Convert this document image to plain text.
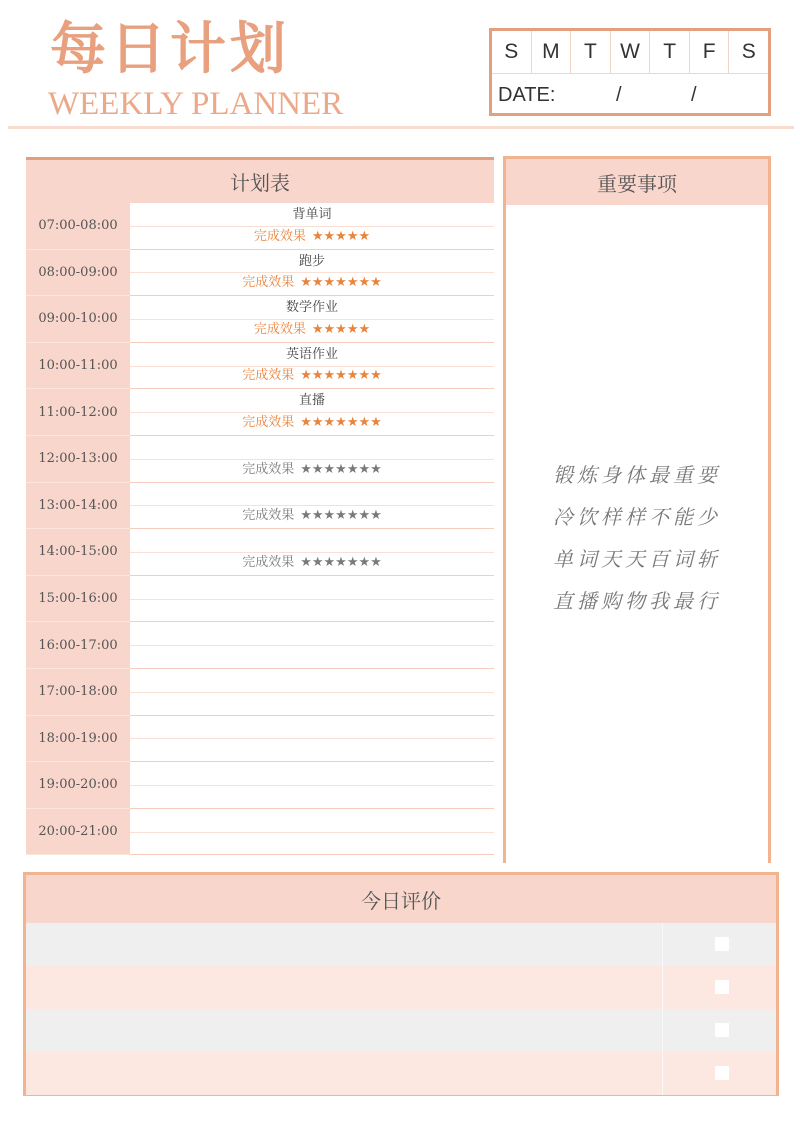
每日计划
WEEKLY PLANNER
S	M	T	W	T	F	S
DATE:	/	/
计划表
07:00-08:00
背单词
完成效果 ★★★★★
08:00-09:00
跑步
完成效果 ★★★★★★★
09:00-10:00
数学作业
完成效果 ★★★★★
10:00-11:00
英语作业
完成效果 ★★★★★★★
11:00-12:00
直播
完成效果 ★★★★★★★
12:00-13:00
完成效果 ★★★★★★★
13:00-14:00
完成效果 ★★★★★★★
14:00-15:00
完成效果 ★★★★★★★
15:00-16:00
16:00-17:00
17:00-18:00
18:00-19:00
19:00-20:00
20:00-21:00
重要事项
锻炼身体最重要
冷饮样样不能少
单词天天百词斩
直播购物我最行
今日评价
